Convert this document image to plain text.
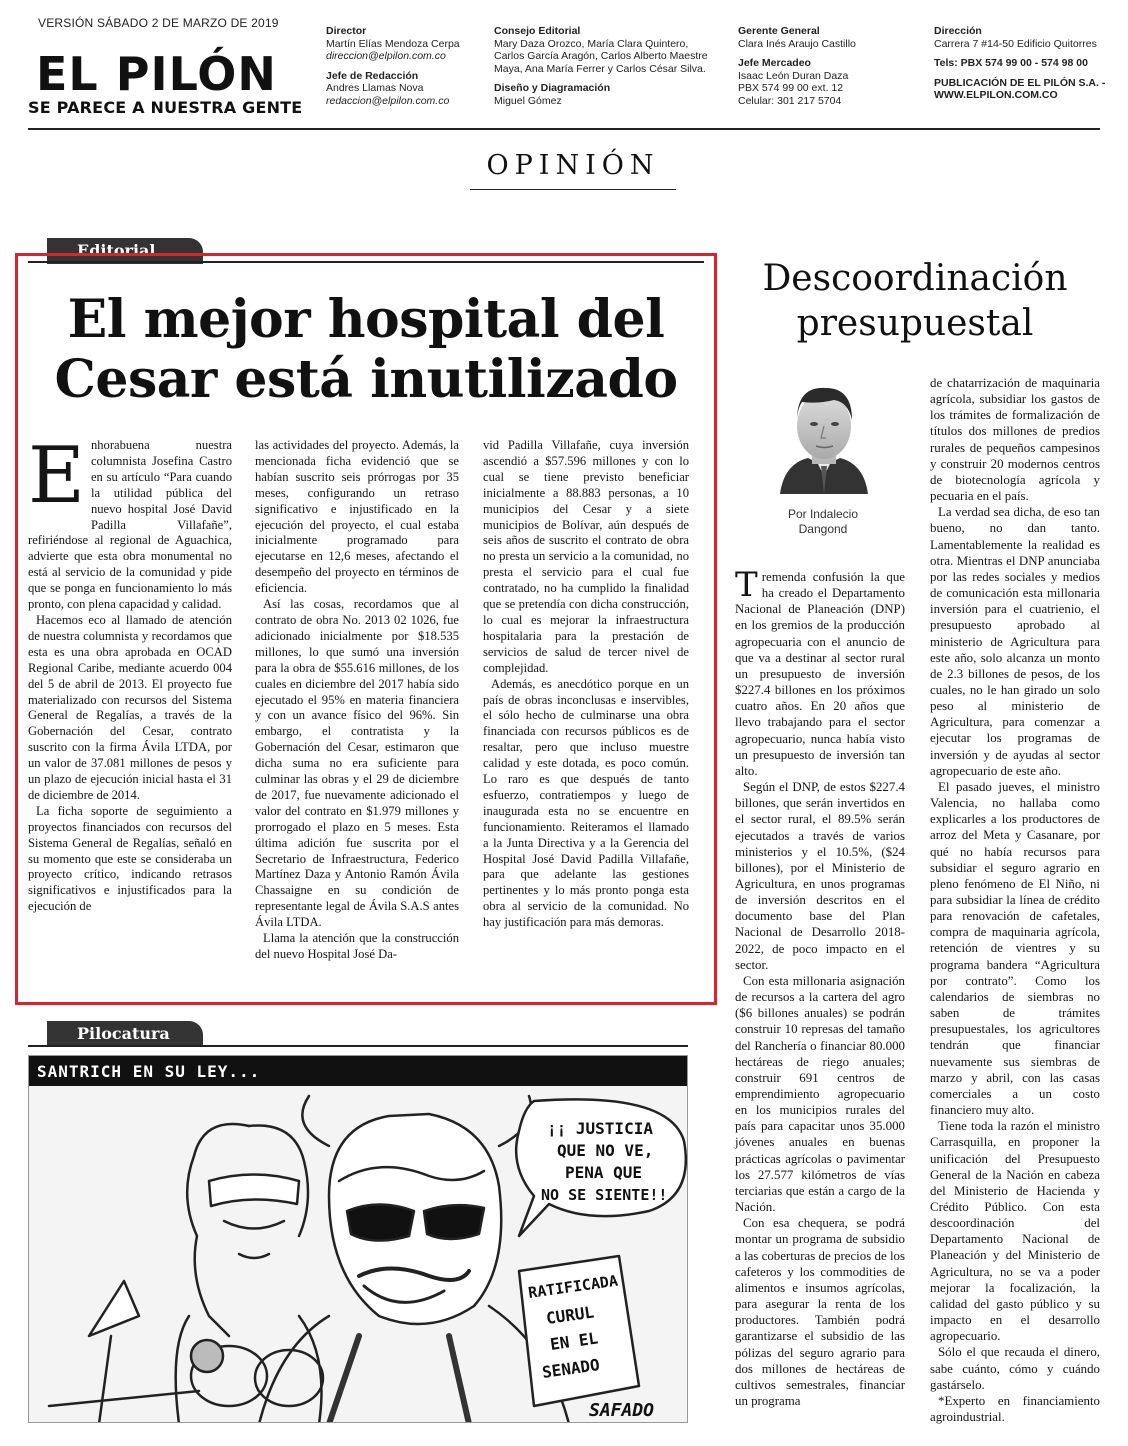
VERSIÓN SÁBADO 2 DE MARZO DE 2019
EL PILÓN
SE PARECE A NUESTRA GENTE
Director
Martín Elías Mendoza Cerpa
direccion@elpilon.com.co
Jefe de Redacción
Andres Llamas Nova
redaccion@elpilon.com.co
Consejo Editorial
Mary Daza Orozco, María Clara Quintero,
Carlos García Aragón, Carlos Alberto Maestre
Maya, Ana María Ferrer y Carlos César Silva.
Diseño y Diagramación
Miguel Gómez
Gerente General
Clara Inés Araujo Castillo
Jefe Mercadeo
Isaac León Duran Daza
PBX 574 99 00 ext. 12
Celular: 301 217 5704
Dirección
Carrera 7 #14-50 Edificio Quitorres
Tels: PBX 574 99 00 - 574 98 00
PUBLICACIÓN DE EL PILÓN S.A. -
WWW.ELPILON.COM.CO
OPINIÓN
Editorial
El mejor hospital del
Cesar está inutilizado
E nhorabuena nuestra columnista Josefina Castro en su artículo “Para cuando la utilidad pública del nuevo hospital José David Padilla Villafañe”, refiriéndose al regional de Aguachica, advierte que esta obra monumental no está al servicio de la comunidad y pide que se ponga en funcionamiento lo más pronto, con plena capacidad y calidad.

Hacemos eco al llamado de atención de nuestra columnista y recordamos que esta es una obra aprobada en OCAD Regional Caribe, mediante acuerdo 004 del 5 de abril de 2013. El proyecto fue materializado con recursos del Sistema General de Regalías, a través de la Gobernación del Cesar, contrato suscrito con la firma Ávila LTDA, por un valor de 37.081 millones de pesos y un plazo de ejecución inicial hasta el 31 de diciembre de 2014.

La ficha soporte de seguimiento a proyectos financiados con recursos del Sistema General de Regalías, señaló en su momento que este se consideraba un proyecto crítico, indicando retrasos significativos e injustificados para la ejecución de

las actividades del proyecto. Además, la mencionada ficha evidenció que se habían suscrito seis prórrogas por 35 meses, configurando un retraso significativo e injustificado en la ejecución del proyecto, el cual estaba inicialmente programado para ejecutarse en 12,6 meses, afectando el desempeño del proyecto en términos de eficiencia.

Así las cosas, recordamos que al contrato de obra No. 2013 02 1026, fue adicionado inicialmente por $18.535 millones, lo que sumó una inversión para la obra de $55.616 millones, de los cuales en diciembre del 2017 había sido ejecutado el 95% en materia financiera y con un avance físico del 96%. Sin embargo, el contratista y la Gobernación del Cesar, estimaron que dicha suma no era suficiente para culminar las obras y el 29 de diciembre de 2017, fue nuevamente adicionado el valor del contrato en $1.979 millones y prorrogado el plazo en 5 meses. Esta última adición fue suscrita por el Secretario de Infraestructura, Federico Martínez Daza y Antonio Ramón Ávila Chassaigne en su condición de representante legal de Ávila S.A.S antes Ávila LTDA.

Llama la atención que la construcción del nuevo Hospital José Da-

vid Padilla Villafañe, cuya inversión ascendió a $57.596 millones y con lo cual se tiene previsto beneficiar inicialmente a 88.883 personas, a 10 municipios del Cesar y a siete municipios de Bolívar, aún después de seis años de suscrito el contrato de obra no presta un servicio a la comunidad, no presta el servicio para el cual fue contratado, no ha cumplido la finalidad que se pretendía con dicha construcción, lo cual es mejorar la infraestructura hospitalaria para la prestación de servicios de salud de tercer nivel de complejidad.

Además, es anecdótico porque en un país de obras inconclusas e inservibles, el sólo hecho de culminarse una obra financiada con recursos públicos es de resaltar, pero que incluso muestre calidad y este dotada, es poco común. Lo raro es que después de tanto esfuerzo, contratiempos y luego de inaugurada esta no se encuentre en funcionamiento. Reiteramos el llamado a la Junta Directiva y a la Gerencia del Hospital José David Padilla Villafañe, para que adelante las gestiones pertinentes y lo más pronto ponga esta obra al servicio de la comunidad. No hay justificación para más demoras.

Descoordinación
presupuestal
Por Indalecio
Dangond
T remenda confusión la que ha creado el Departamento Nacional de Planeación (DNP) en los gremios de la producción agropecuaria con el anuncio de que va a destinar al sector rural un presupuesto de inversión $227.4 billones en los próximos cuatro años. En 20 años que llevo trabajando para el sector agropecuario, nunca había visto un presupuesto de inversión tan alto.

Según el DNP, de estos $227.4 billones, que serán invertidos en el sector rural, el 89.5% serán ejecutados a través de varios ministerios y el 10.5%, ($24 billones), por el Ministerio de Agricultura, en unos programas de inversión descritos en el documento base del Plan Nacional de Desarrollo 2018-2022, de poco impacto en el sector.

Con esta millonaria asignación de recursos a la cartera del agro ($6 billones anuales) se podrán construir 10 represas del tamaño del Ranchería o financiar 80.000 hectáreas de riego anuales; construir 691 centros de emprendimiento agropecuario en los municipios rurales del país para capacitar unos 35.000 jóvenes anuales en buenas prácticas agrícolas o pavimentar los 27.577 kilómetros de vías terciarias que están a cargo de la Nación.

Con esa chequera, se podrá montar un programa de subsidio a las coberturas de precios de los cafeteros y los commodities de alimentos e insumos agrícolas, para asegurar la renta de los productores. También podrá garantizarse el subsidio de las pólizas del seguro agrario para dos millones de hectáreas de cultivos semestrales, financiar un programa

de chatarrización de maquinaria agrícola, subsidiar los gastos de los trámites de formalización de títulos dos millones de predios rurales de pequeños campesinos y construir 20 modernos centros de biotecnología agrícola y pecuaria en el país.

La verdad sea dicha, de eso tan bueno, no dan tanto. Lamentablemente la realidad es otra. Mientras el DNP anunciaba por las redes sociales y medios de comunicación esta millonaria inversión para el cuatrienio, el presupuesto aprobado al ministerio de Agricultura para este año, solo alcanza un monto de 2.3 billones de pesos, de los cuales, no le han girado un solo peso al ministerio de Agricultura, para comenzar a ejecutar los programas de inversión y de ayudas al sector agropecuario de este año.

El pasado jueves, el ministro Valencia, no hallaba como explicarles a los productores de arroz del Meta y Casanare, por qué no había recursos para subsidiar el seguro agrario en pleno fenómeno de El Niño, ni para subsidiar la línea de crédito para renovación de cafetales, compra de maquinaria agrícola, retención de vientres y su programa bandera “Agricultura por contrato”. Como los calendarios de siembras no saben de trámites presupuestales, los agricultores tendrán que financiar nuevamente sus siembras de marzo y abril, con las casas comerciales a un costo financiero muy alto.

Tiene toda la razón el ministro Carrasquilla, en proponer la unificación del Presupuesto General de la Nación en cabeza del Ministerio de Hacienda y Crédito Público. Con esta descoordinación del Departamento Nacional de Planeación y del Ministerio de Agricultura, no se va a poder mejorar la focalización, la calidad del gasto público y su impacto en el desarrollo agropecuario.

Sólo el que recauda el dinero, sabe cuánto, cómo y cuándo gastárselo.

*Experto en financiamiento agroindustrial.

Pilocatura
SANTRICH EN SU LEY...
¡¡ JUSTICIA
QUE NO VE,
PENA QUE
NO SE SIENTE!!
RATIFICADA
CURUL
EN EL
SENADO
SAFADO
